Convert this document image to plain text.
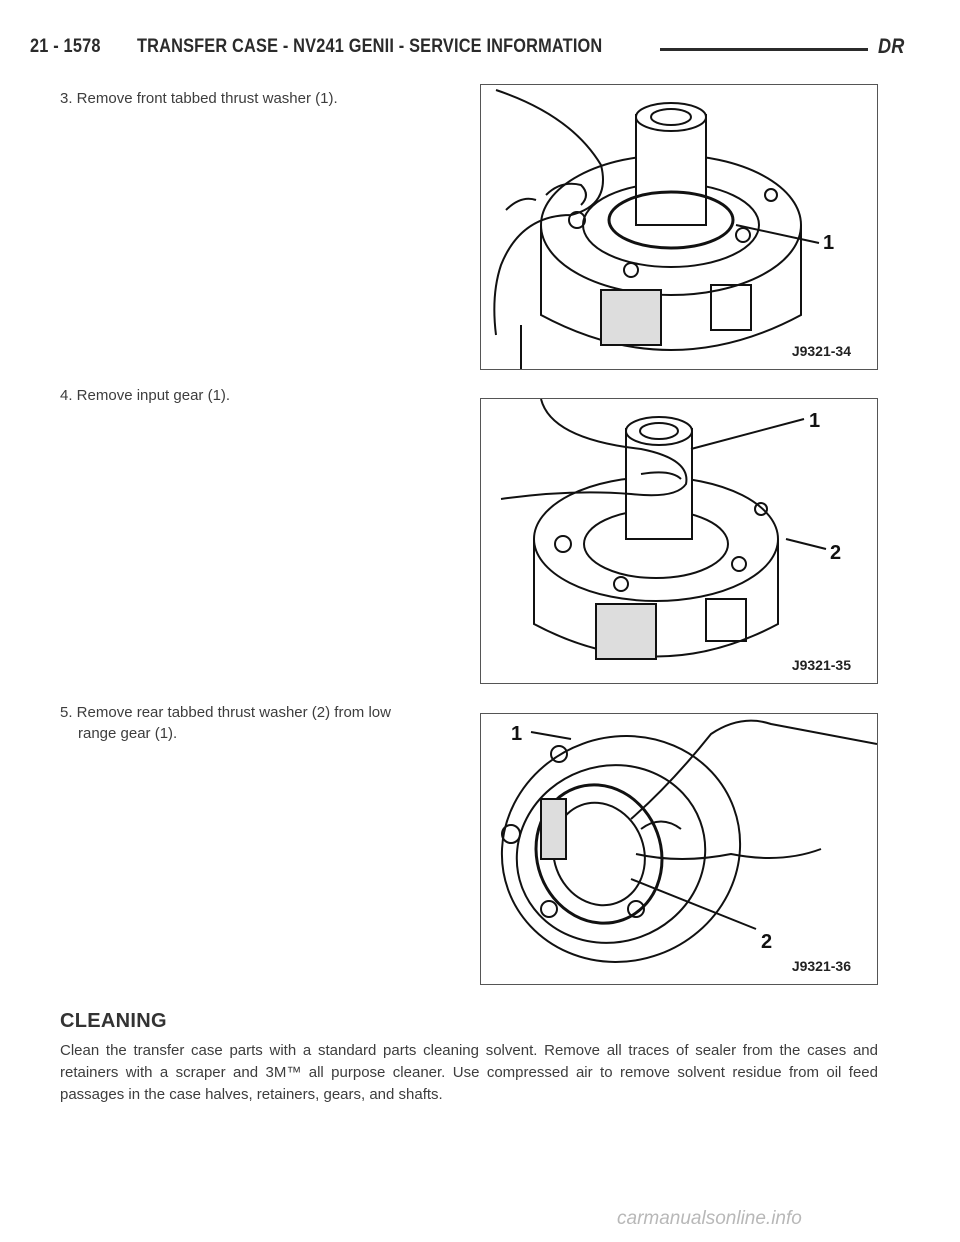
21 - 1578 TRANSFER CASE - NV241 GENII - SERVICE INFORMATION	DR
3. Remove front tabbed thrust washer (1).
1
J9321-34
4. Remove input gear (1).
1
2
J9321-35
5. Remove rear tabbed thrust washer (2) from low
range gear (1).	1
2
J9321-36
CLEANING
Clean the transfer case parts with a standard parts cleaning solvent. Remove all traces of sealer from the cases and retainers with a scraper and 3M™ all purpose cleaner. Use compressed air to remove solvent residue from oil feed passages in the case halves, retainers, gears, and shafts.
carmanualsonline.info
